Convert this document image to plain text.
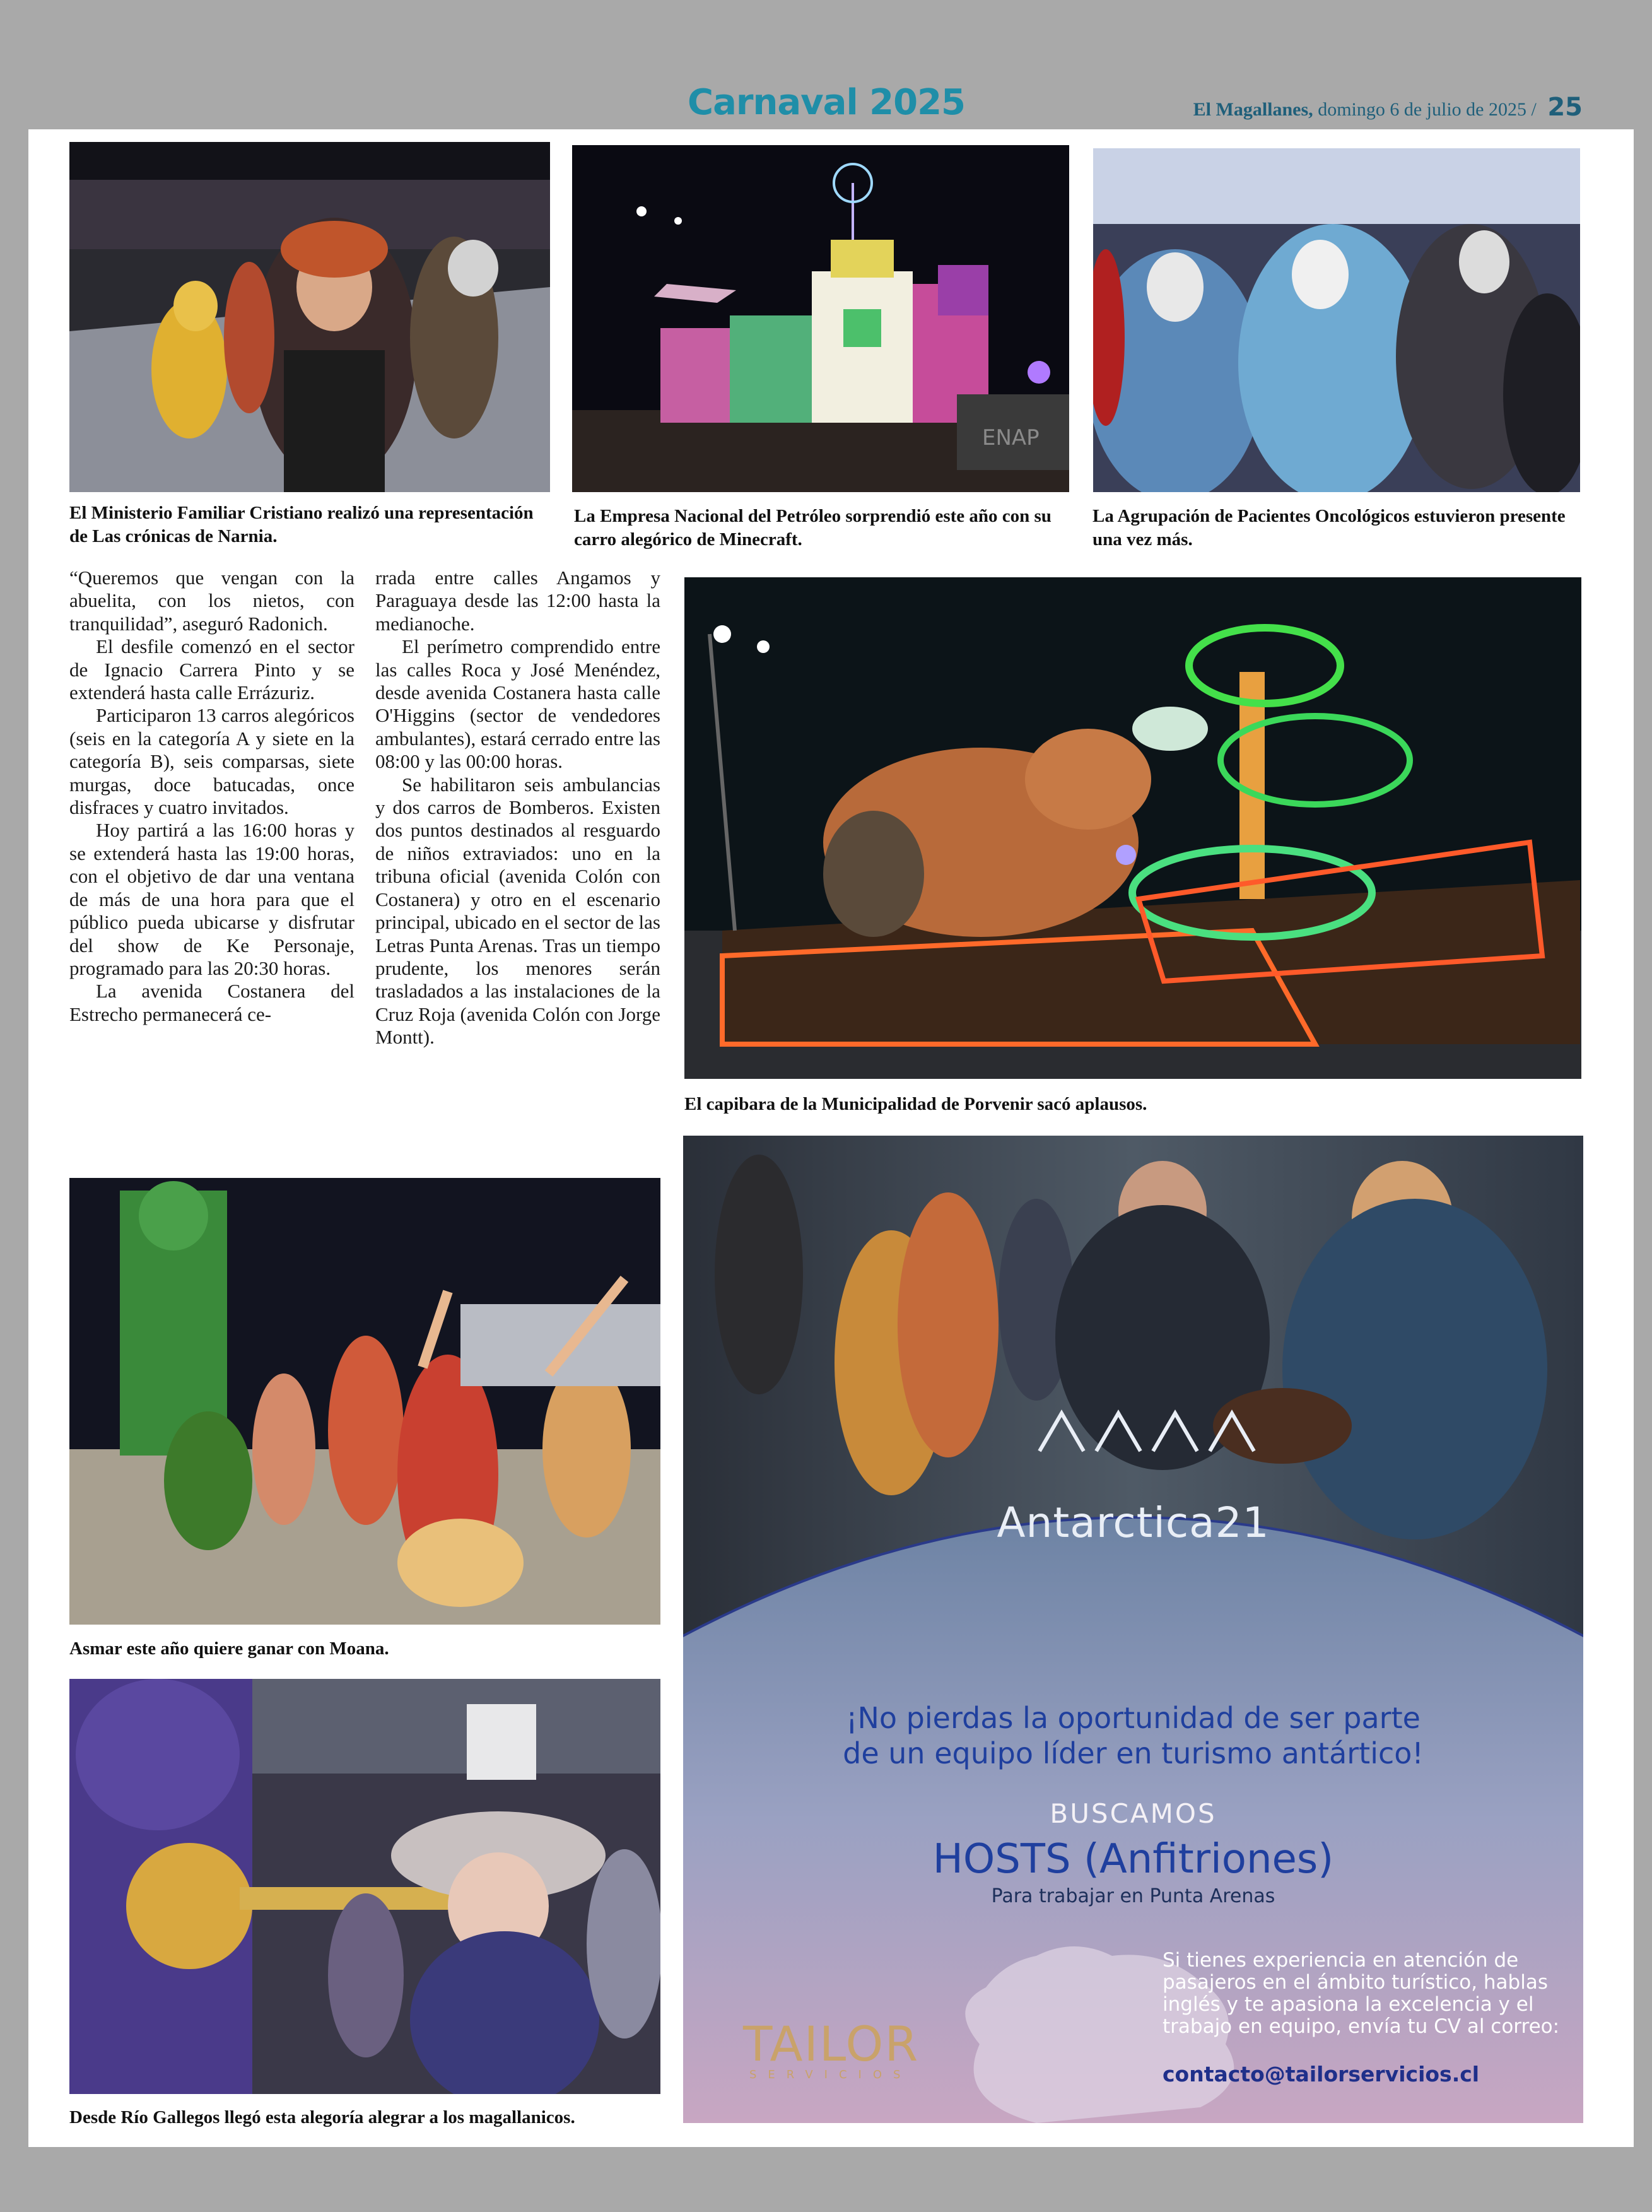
Carnaval 2025	El Magallanes, domingo 6 de julio de 2025 / 25
El Ministerio Familiar Cristiano realizó una representación de Las crónicas de Narnia.
ENAP
La Empresa Nacional del Petróleo sorprendió este año con su carro alegórico de Minecraft.
La Agrupación de Pacientes Oncológicos estuvieron presente una vez más.

“Queremos que vengan con la abuelita, con los nietos, con tranquilidad”, aseguró Radonich.

El desfile comenzó en el sector de Ignacio Carrera Pinto y se extenderá hasta calle Errázuriz.

Participaron 13 carros alegóricos (seis en la categoría A y siete en la categoría B), seis comparsas, siete murgas, doce batucadas, once disfraces y cuatro invitados.

Hoy partirá a las 16:00 horas y se extenderá hasta las 19:00 horas, con el objetivo de dar una ventana de más de una hora para que el público pueda ubicarse y disfrutar del show de Ke Personaje, programado para las 20:30 horas.

La avenida Costanera del Estrecho permanecerá ce-

rrada entre calles Angamos y Paraguaya desde las 12:00 hasta la medianoche.

El perímetro comprendido entre las calles Roca y José Menéndez, desde avenida Costanera hasta calle O'Higgins (sector de vendedores ambulantes), estará cerrado entre las 08:00 y las 00:00 horas.

Se habilitaron seis ambulancias y dos carros de Bomberos. Existen dos puntos destinados al resguardo de niños extraviados: uno en la tribuna oficial (avenida Colón con Costanera) y otro en el escenario principal, ubicado en el sector de las Letras Punta Arenas. Tras un tiempo prudente, los menores serán trasladados a las instalaciones de la Cruz Roja (avenida Colón con Jorge Montt).

El capibara de la Municipalidad de Porvenir sacó aplausos.
Asmar este año quiere ganar con Moana.
Desde Río Gallegos llegó esta alegoría alegrar a los magallanicos.
Antarctica21
¡No pierdas la oportunidad de ser parte
de un equipo líder en turismo antártico!
BUSCAMOS
HOSTS (Anfitriones)
Para trabajar en Punta Arenas
Si tienes experiencia en atención de pasajeros en el ámbito turístico, hablas inglés y te apasiona la excelencia y el trabajo en equipo, envía tu CV al correo:
contacto@tailorservicios.cl
TAILOR
SERVICIOS
